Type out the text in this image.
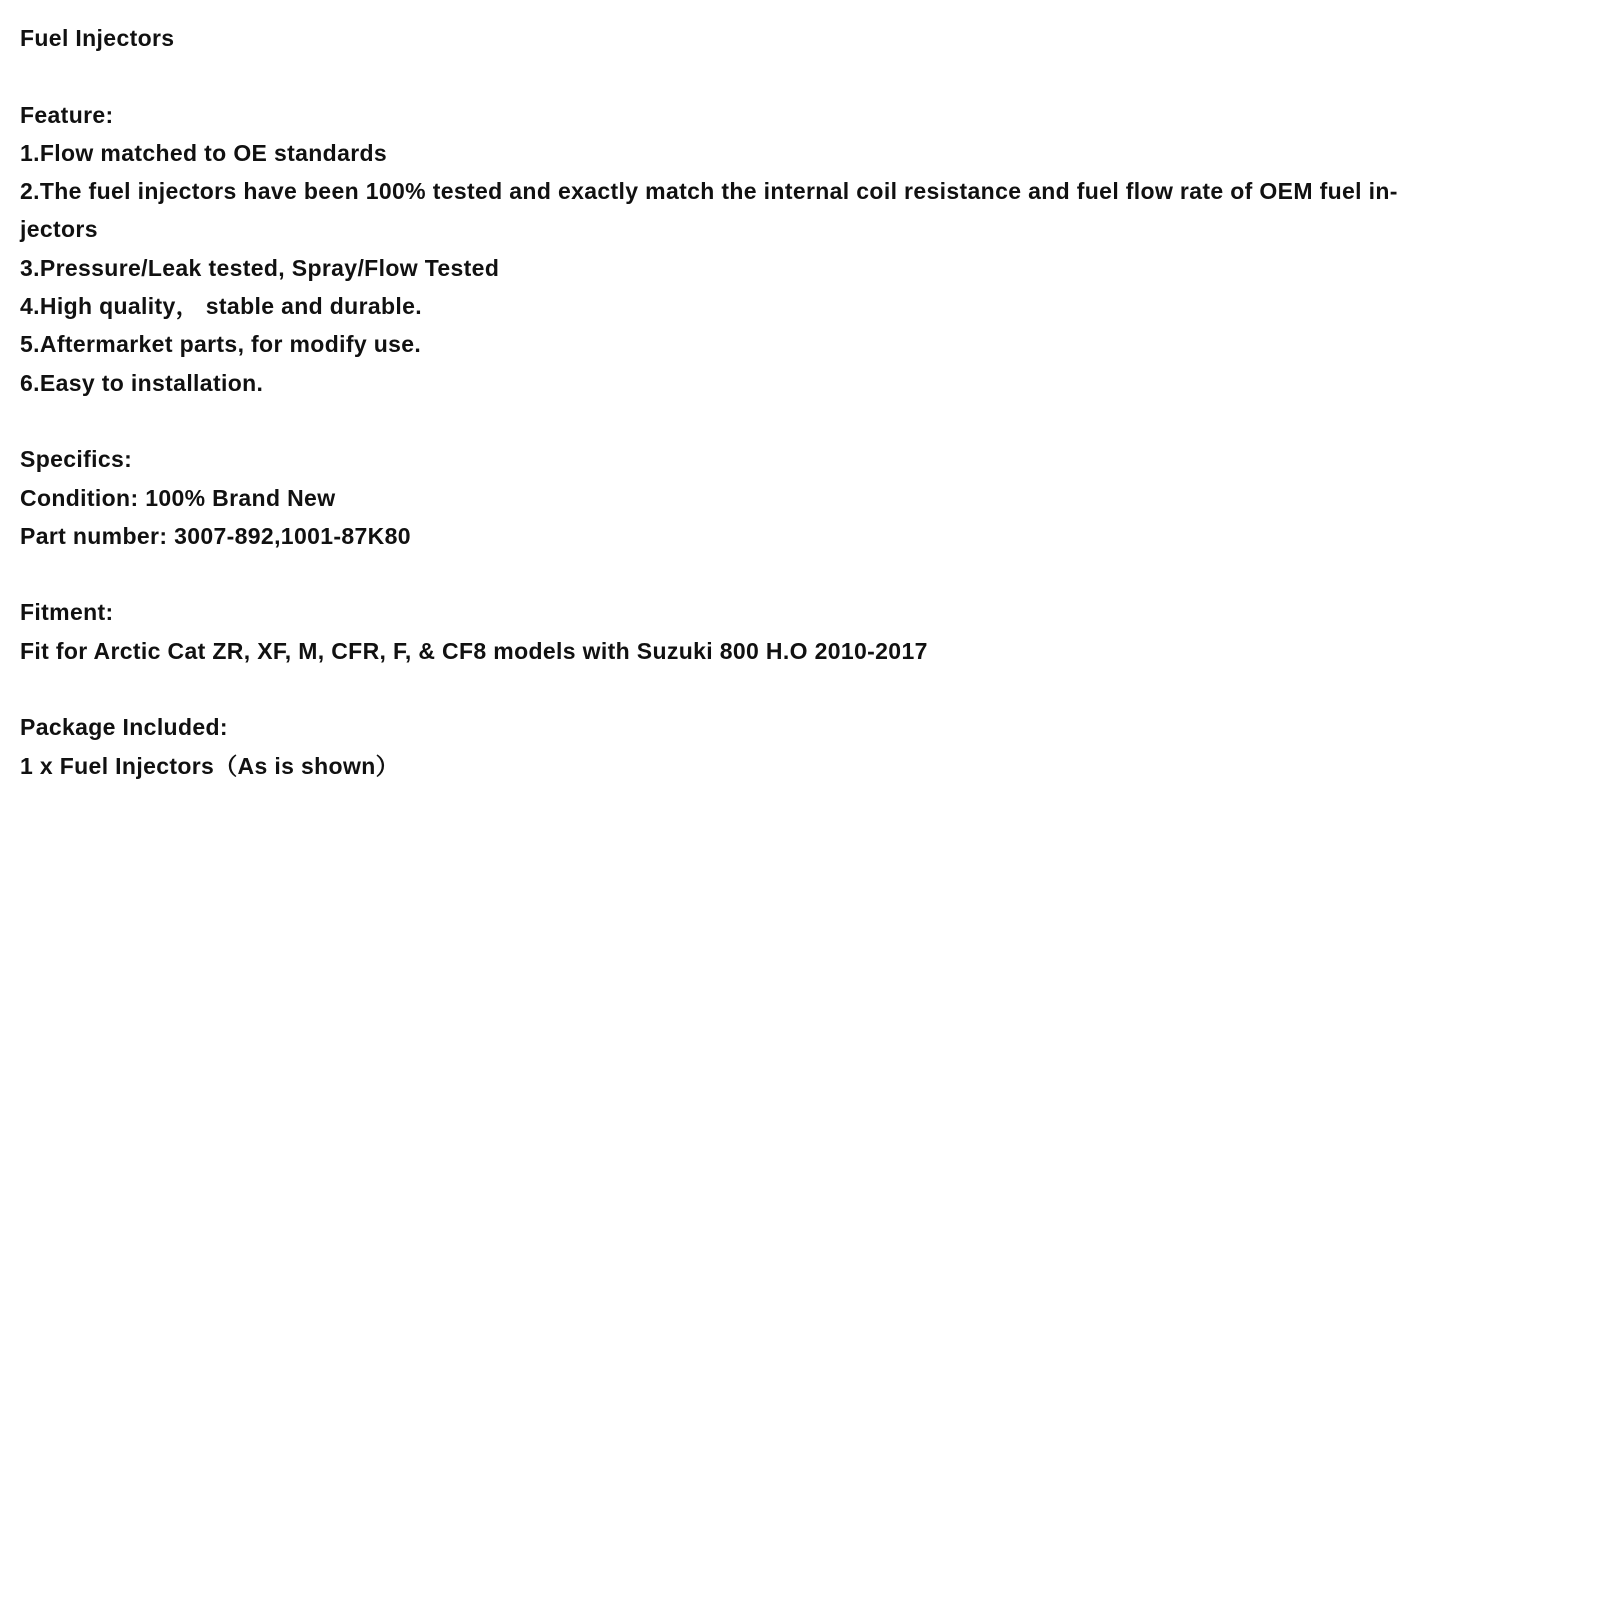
Fuel Injectors
Feature:
1.Flow matched to OE standards
2.The fuel injectors have been 100% tested and exactly match the internal coil resistance and fuel flow rate of OEM fuel in-
jectors
3.Pressure/Leak tested, Spray/Flow Tested
4.High quality， stable and durable.
5.Aftermarket parts, for modify use.
6.Easy to installation.
Specifics:
Condition: 100% Brand New
Part number: 3007-892,1001-87K80
Fitment:
Fit for Arctic Cat ZR, XF, M, CFR, F, & CF8 models with Suzuki 800 H.O 2010-2017
Package Included:
1 x Fuel Injectors（As is shown）
